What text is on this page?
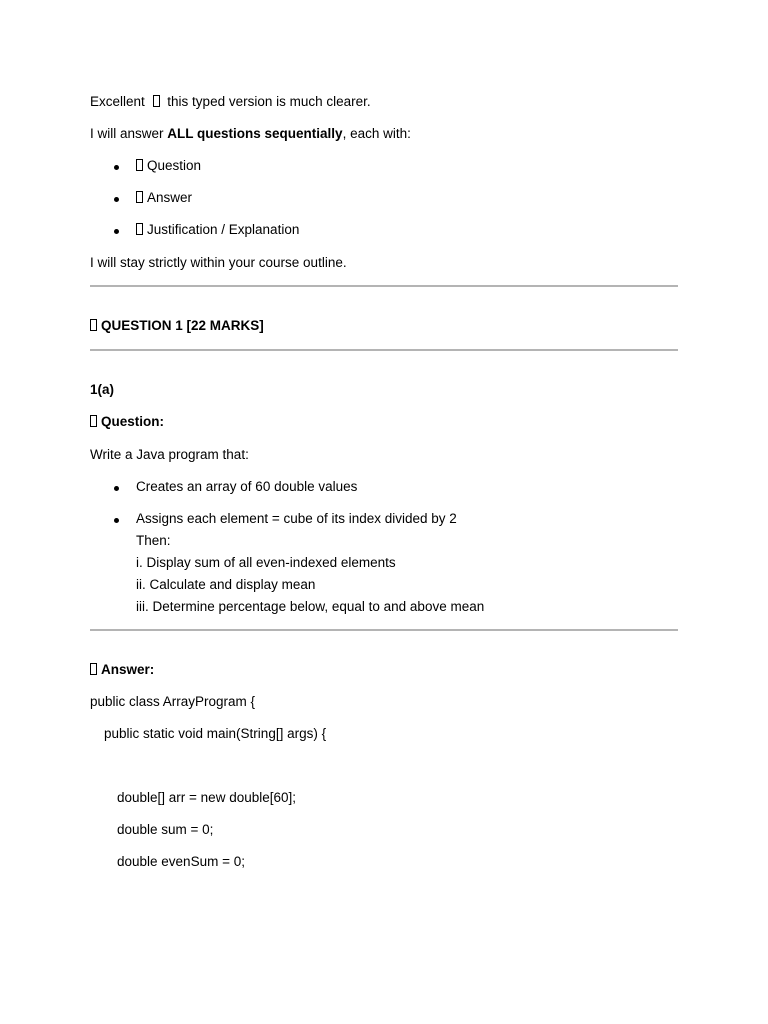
Excellent  this typed version is much clearer.
I will answer ALL questions sequentially, each with:
Question
Answer
Justification / Explanation
I will stay strictly within your course outline.
QUESTION 1 [22 MARKS]
1(a)
Question:
Write a Java program that:
Creates an array of 60 double values
Assigns each element = cube of its index divided by 2
Then:
i. Display sum of all even-indexed elements
ii. Calculate and display mean
iii. Determine percentage below, equal to and above mean
Answer:
public class ArrayProgram {
public static void main(String[] args) {
double[] arr = new double[60];
double sum = 0;
double evenSum = 0;
